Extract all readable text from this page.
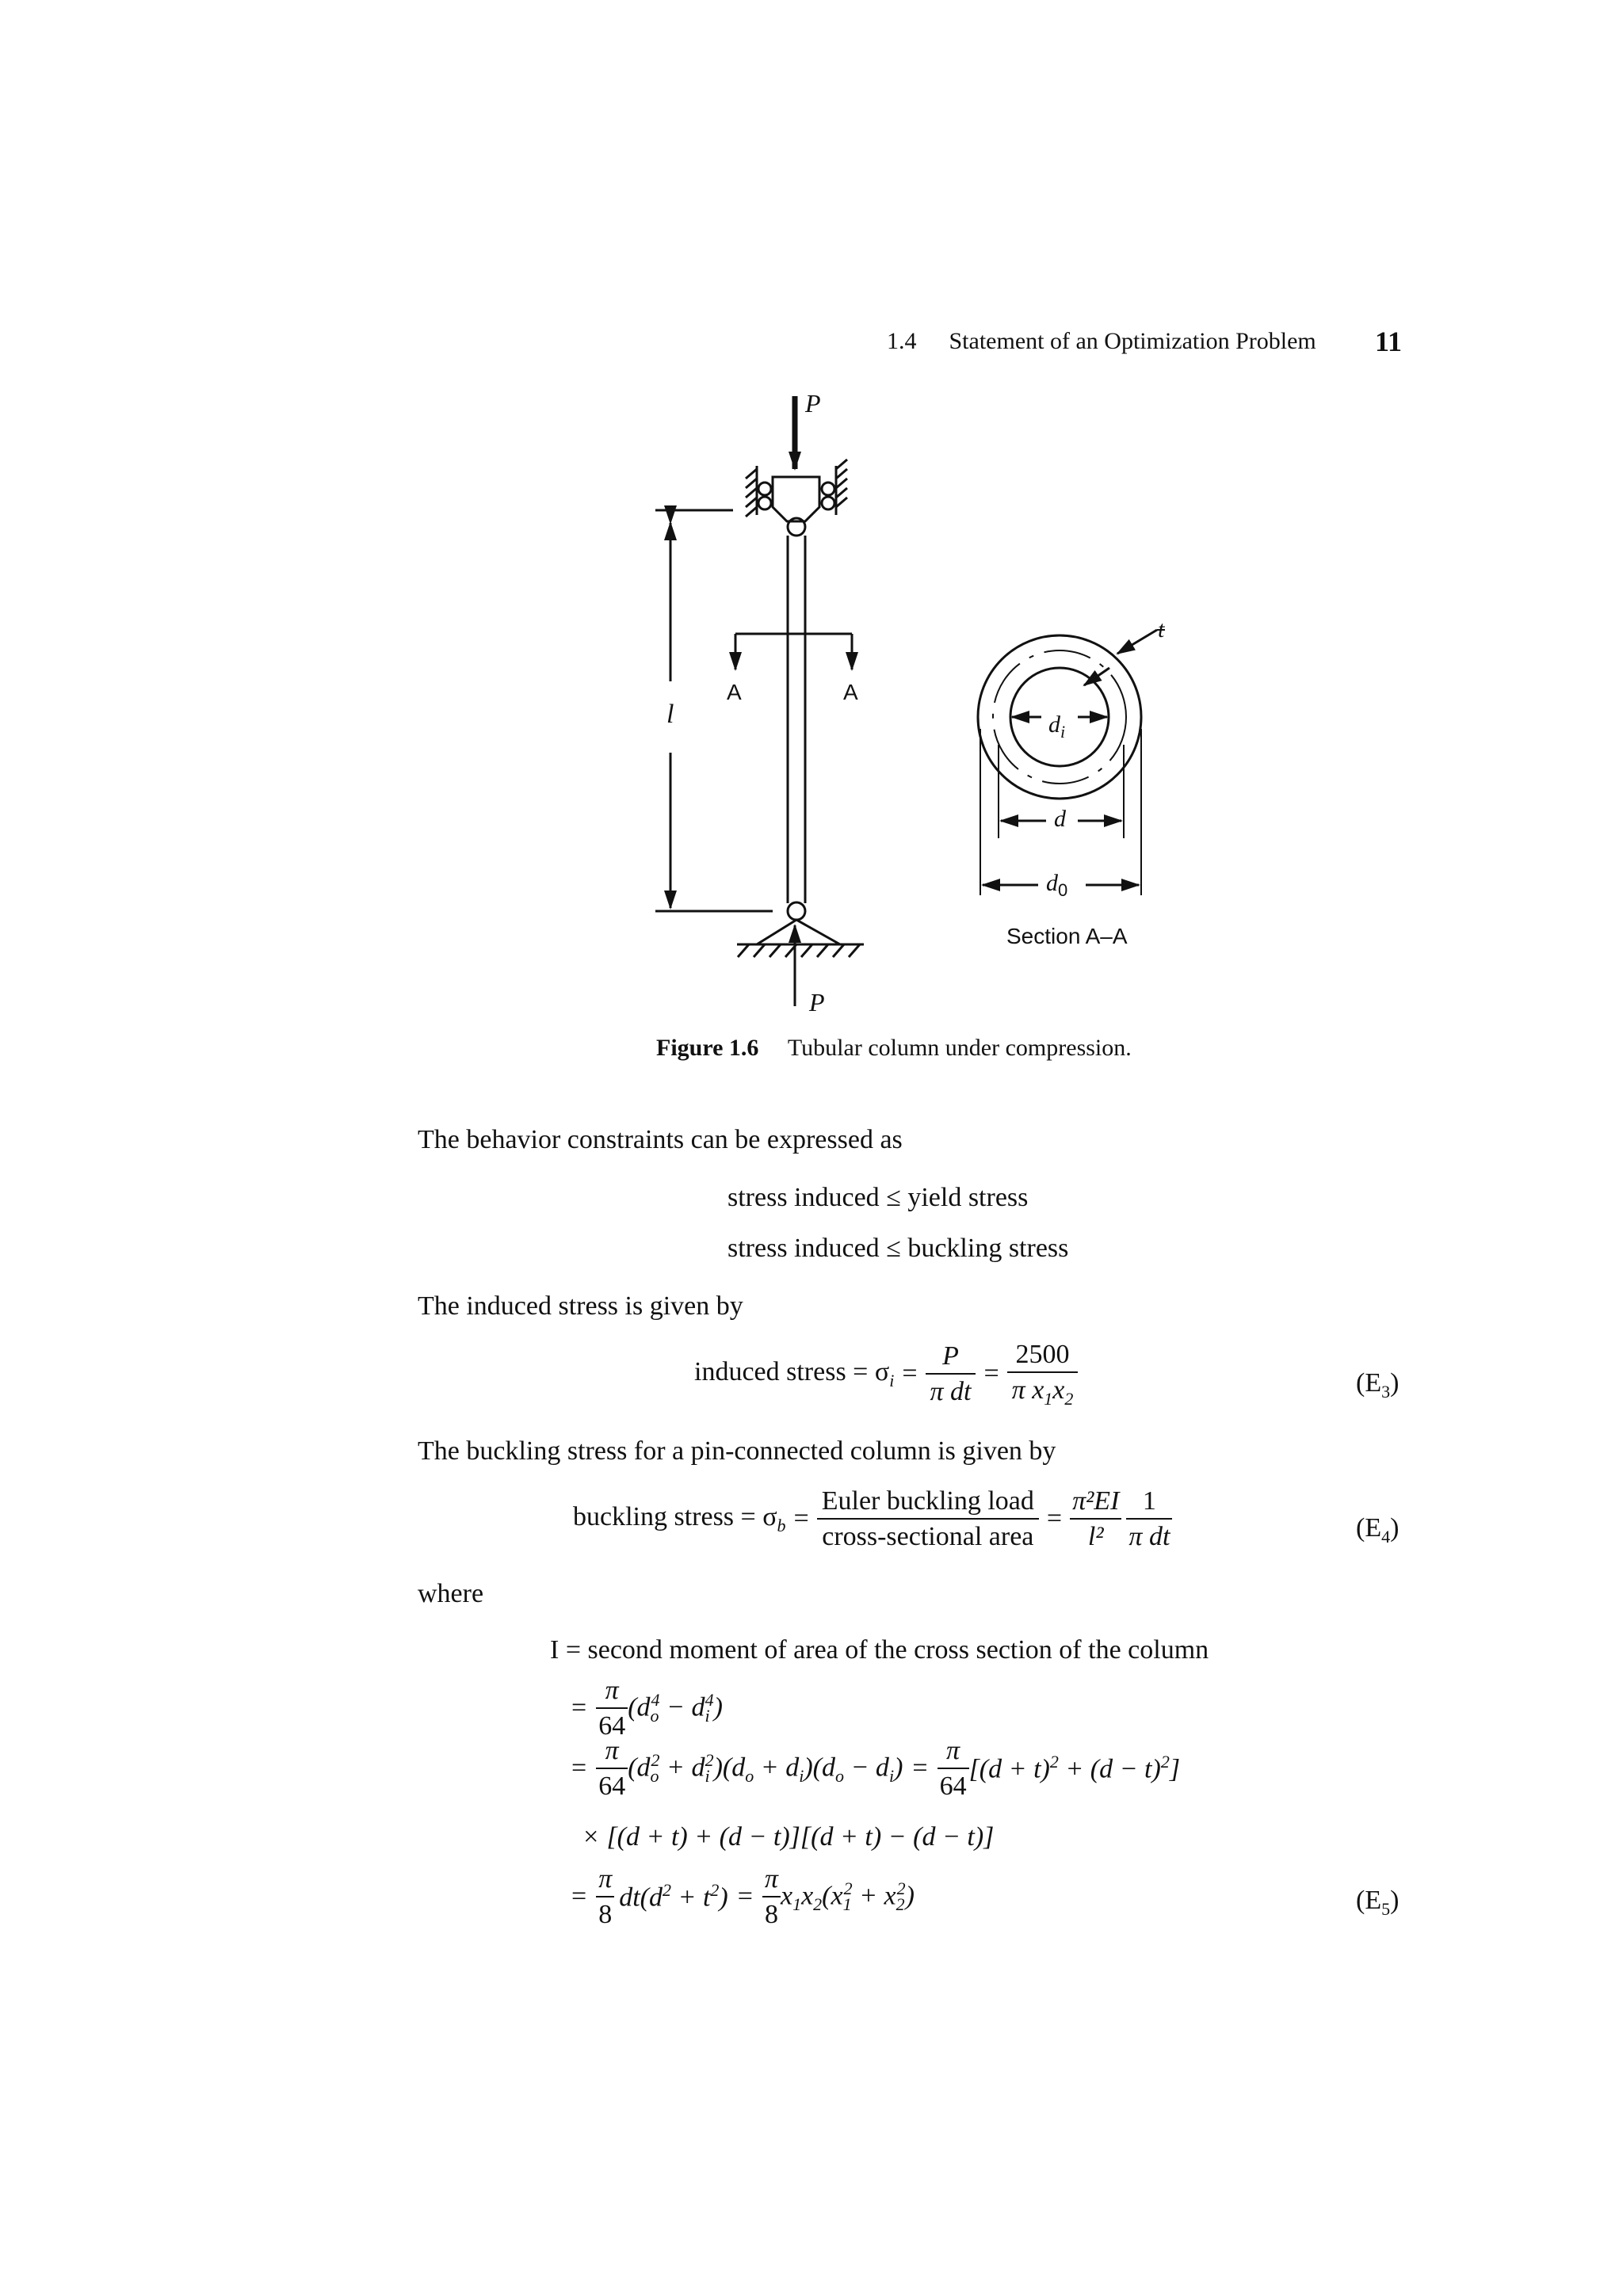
1.4 Statement of an Optimization Problem 11
P
P
l
A	A
t
$d_i$
d
$d_0$
Section A–A
Figure 1.6 Tubular column under compression.
The behavior constraints can be expressed as
stress induced ≤ yield stress
stress induced ≤ buckling stress
The induced stress is given by
induced stress = $\sigma_i = \frac{P}{\text{π dt}} = \frac{2500}{\pi x_1x_2}$	$(E_3)$
The buckling stress for a pin-connected column is given by
buckling stress = $\sigma_b = \frac{\text{Euler buckling load}}{\text{cross-sectional area}} = \frac{\text{π²EI}}{\text{l²}} \frac{1}{\text{π dt}}$	$(E_4)$
where
I = second moment of area of the cross section of the column
= $\frac{\pi}{64} (d_o^4 - d_i^4)$
= $\frac{\pi}{64} (d_o^2 + d_i^2)(d_o + d_i)(d_o - d_i) = \frac{\pi}{64} [(d + t)^2 + (d - t)^2]$
× [(d + t) + (d − t)][(d + t) − (d − t)]
= $\frac{\pi}{8} dt(d^2 + t^2) = \frac{\pi}{8} x_1x_2(x_1^2 + x_2^2)$	$(E_5)$
